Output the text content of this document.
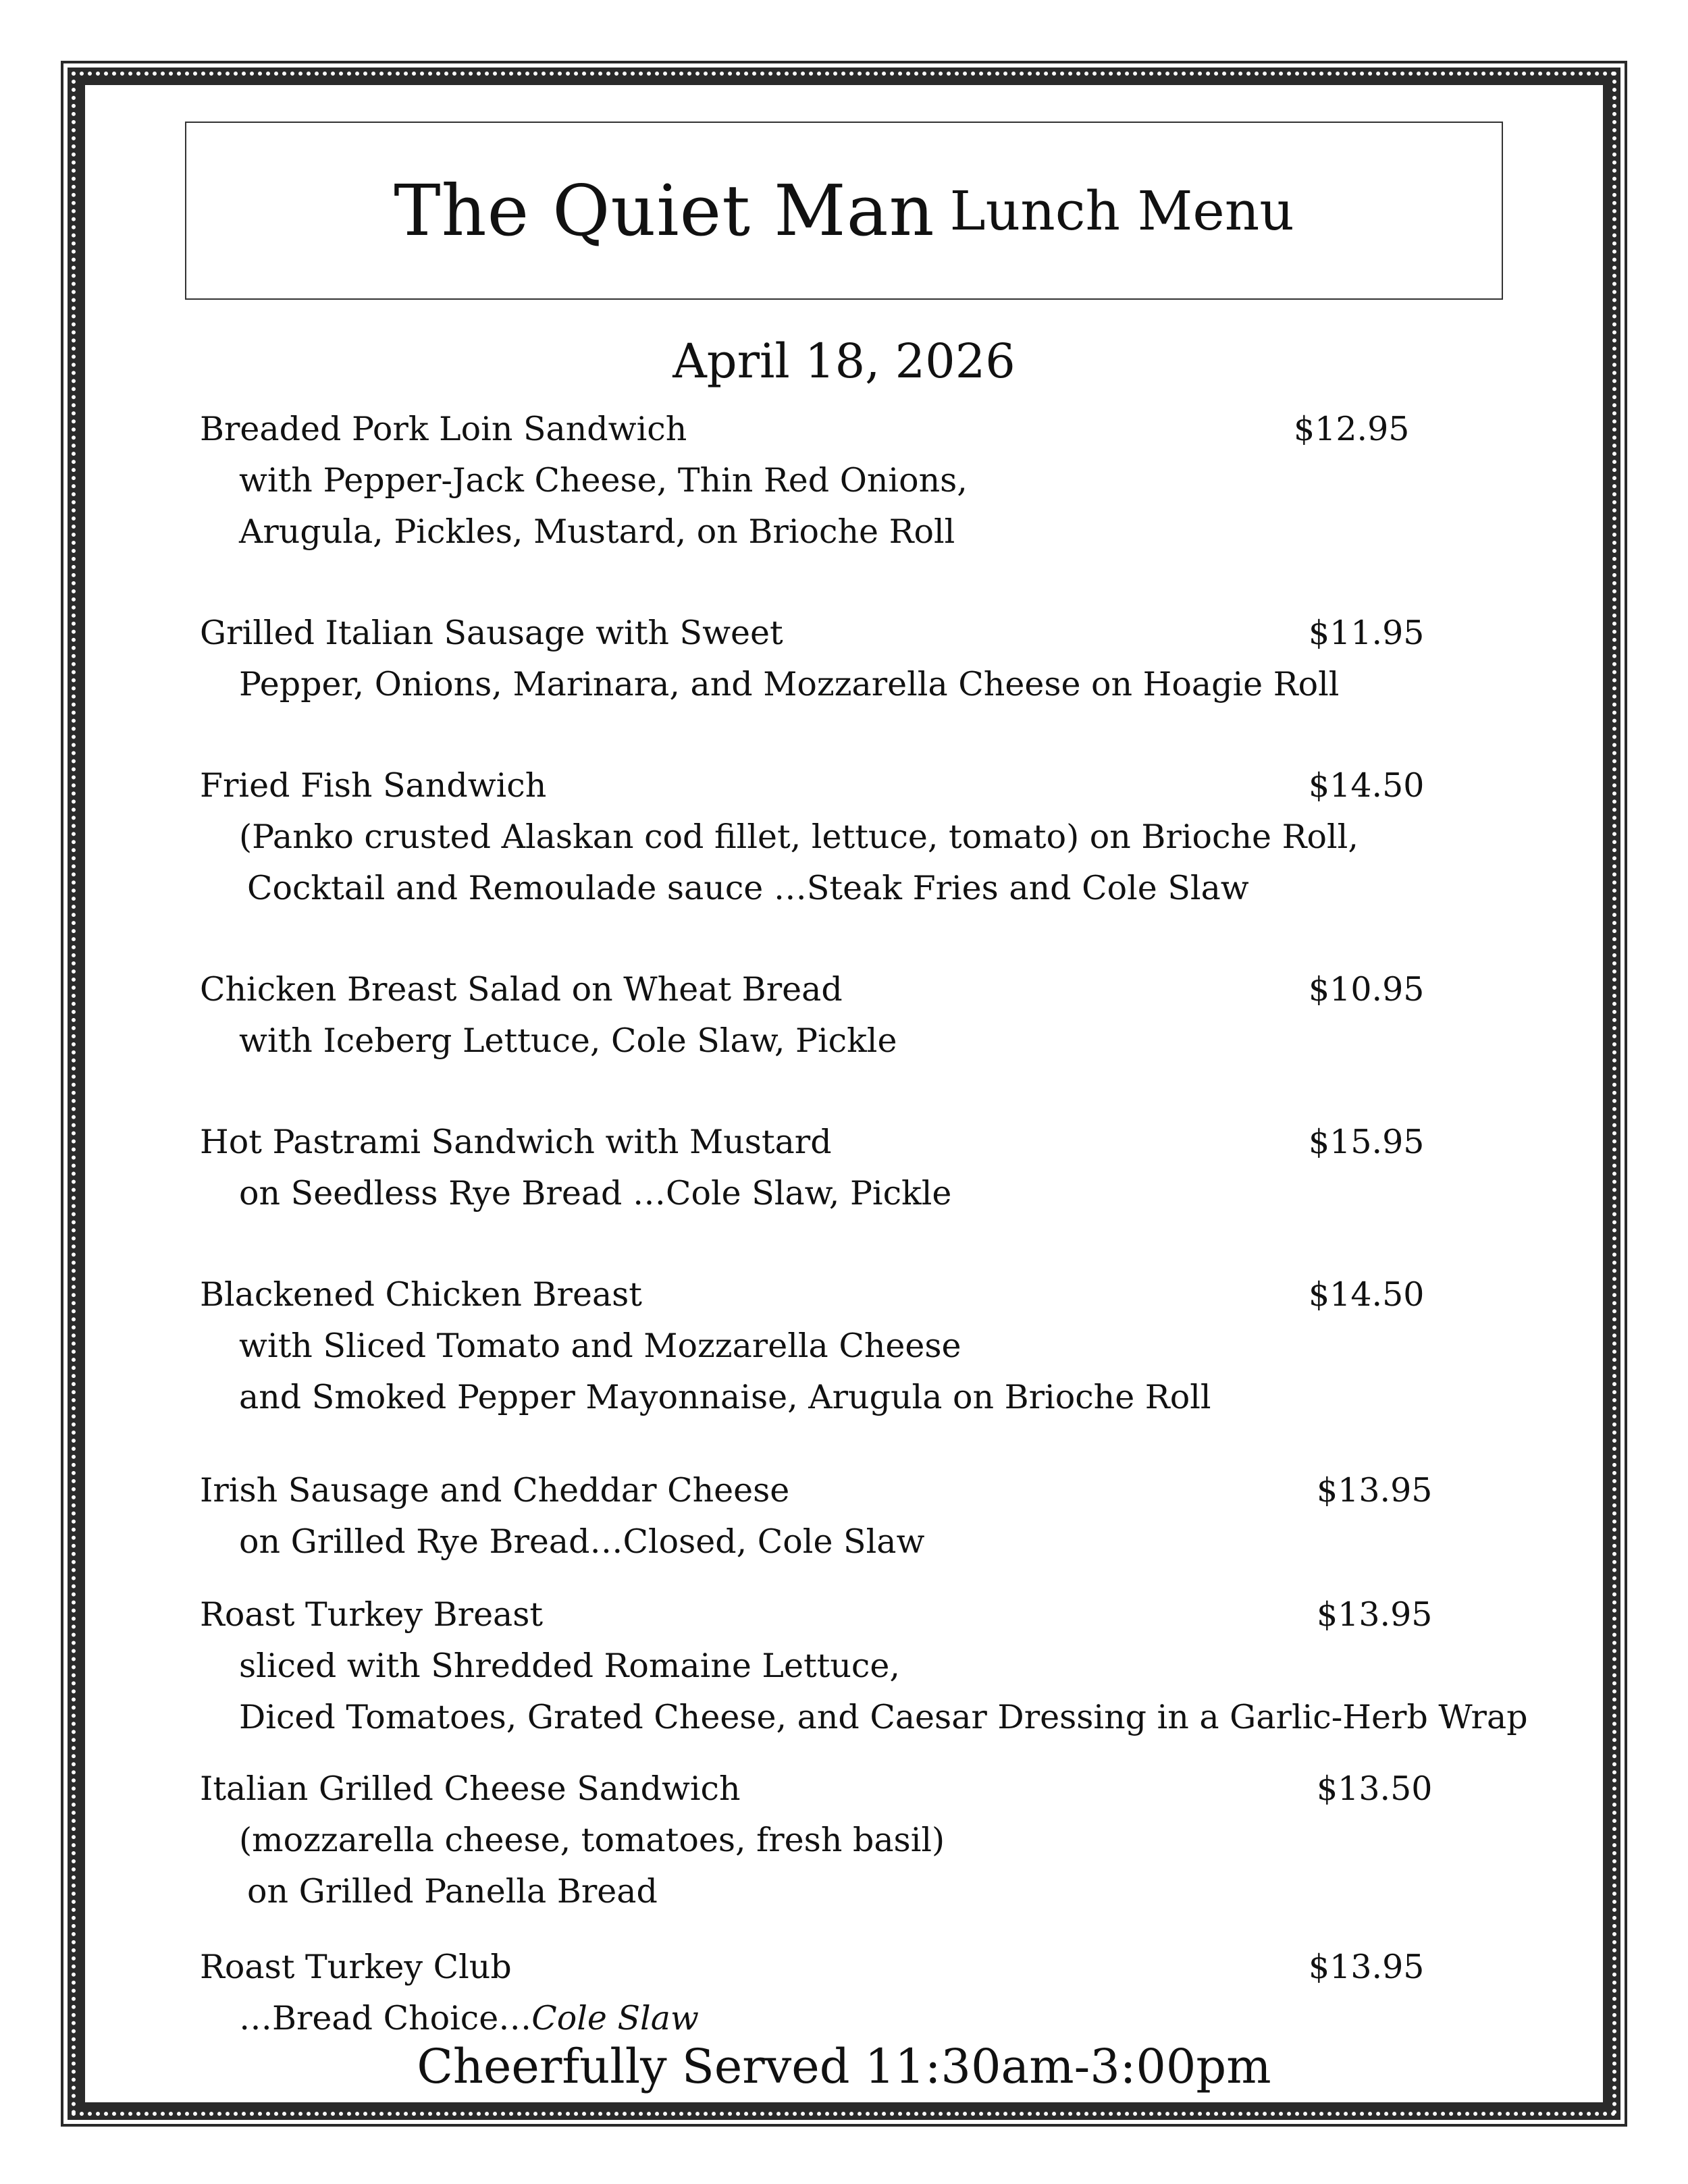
The Quiet Man Lunch Menu
April 18, 2026
Breaded Pork Loin Sandwich	$12.95
with Pepper-Jack Cheese, Thin Red Onions,
Arugula, Pickles, Mustard, on Brioche Roll
Grilled Italian Sausage with Sweet	$11.95
Pepper, Onions, Marinara, and Mozzarella Cheese on Hoagie Roll
Fried Fish Sandwich	$14.50
(Panko crusted Alaskan cod fillet, lettuce, tomato) on Brioche Roll,
Cocktail and Remoulade sauce …Steak Fries and Cole Slaw
Chicken Breast Salad on Wheat Bread	$10.95
with Iceberg Lettuce, Cole Slaw, Pickle
Hot Pastrami Sandwich with Mustard	$15.95
on Seedless Rye Bread …Cole Slaw, Pickle
Blackened Chicken Breast	$14.50
with Sliced Tomato and Mozzarella Cheese
and Smoked Pepper Mayonnaise, Arugula on Brioche Roll
Irish Sausage and Cheddar Cheese	$13.95
on Grilled Rye Bread…Closed, Cole Slaw
Roast Turkey Breast	$13.95
sliced with Shredded Romaine Lettuce,
Diced Tomatoes, Grated Cheese, and Caesar Dressing in a Garlic-Herb Wrap
Italian Grilled Cheese Sandwich	$13.50
(mozzarella cheese, tomatoes, fresh basil)
on Grilled Panella Bread
Roast Turkey Club	$13.95
…Bread Choice…Cole Slaw
Cheerfully Served 11:30am-3:00pm
